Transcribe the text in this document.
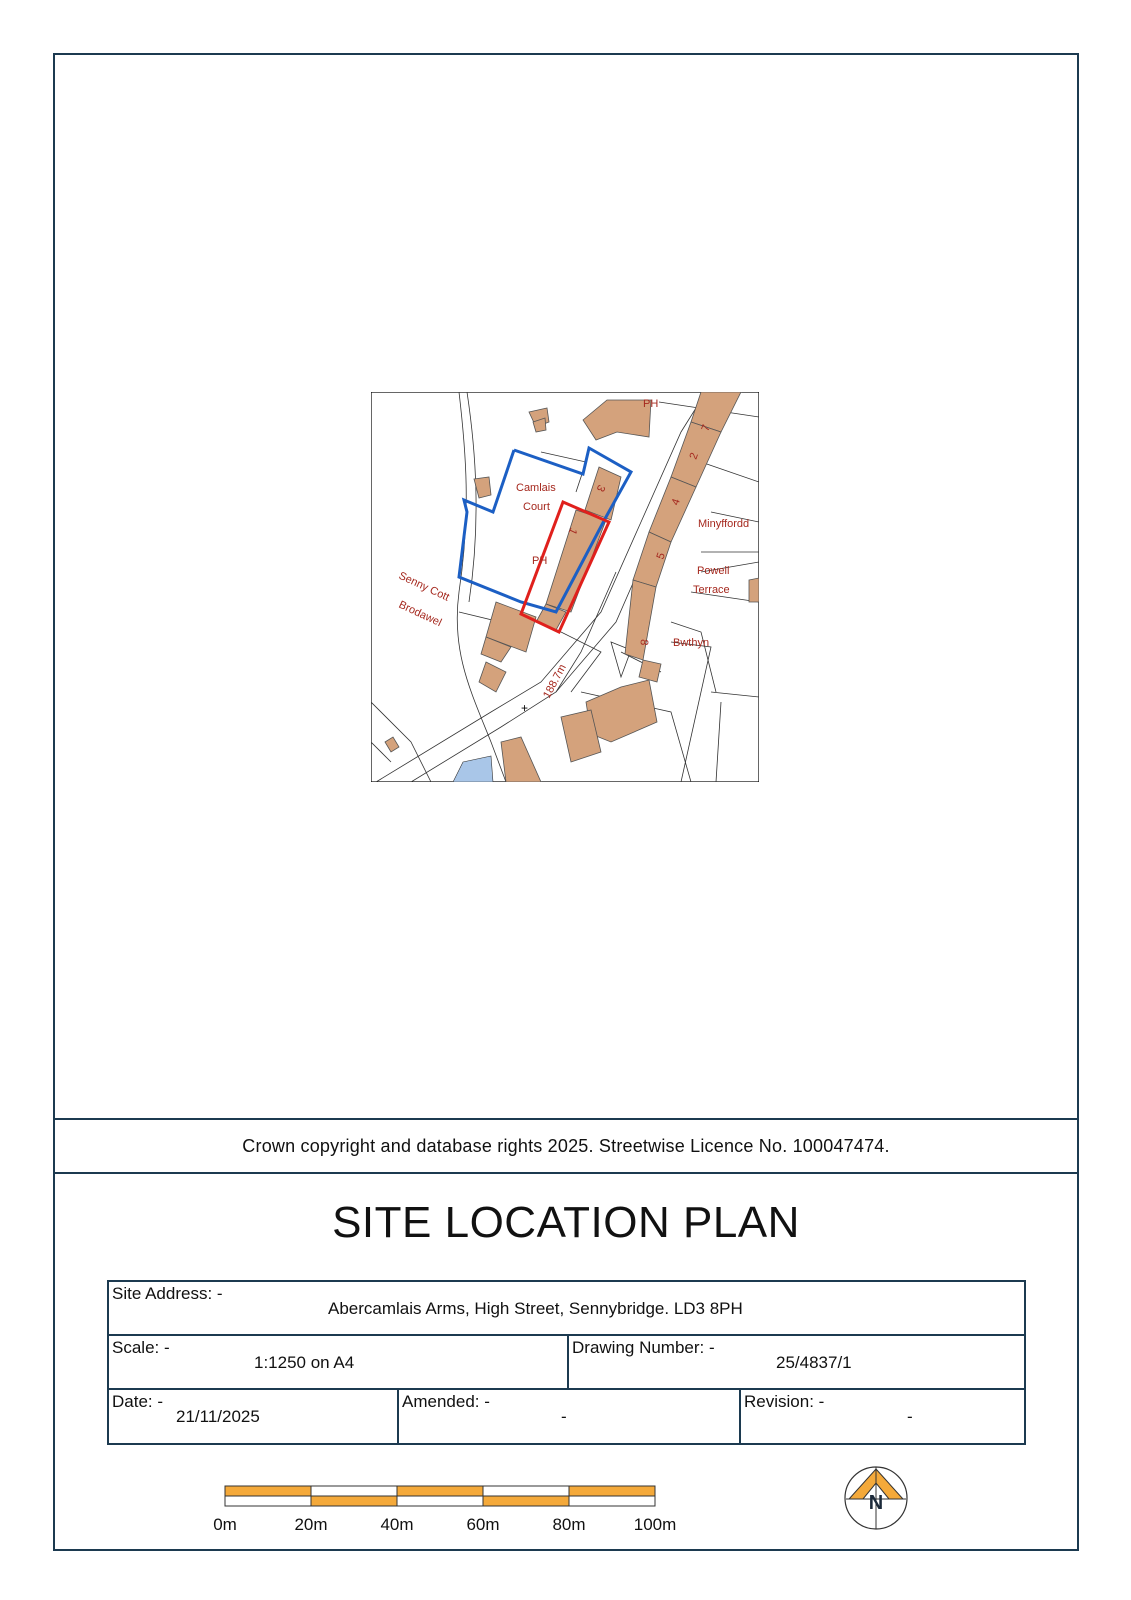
PH
Camlais
Court
PH
Senny Cott
Brodawel
Minyffordd
Powell
Terrace
Bwthyn
188.7m
1
3
7
2
4
5
8
+
Crown copyright and database rights 2025. Streetwise Licence No. 100047474.
SITE LOCATION PLAN
Site Address: -
Abercamlais Arms, High Street, Sennybridge. LD3 8PH
Scale: -
1:1250 on A4
Drawing Number: -
25/4837/1
Date: -
21/11/2025
Amended: -
-
Revision: -
-
0m	20m	40m	60m	80m	100m
N
